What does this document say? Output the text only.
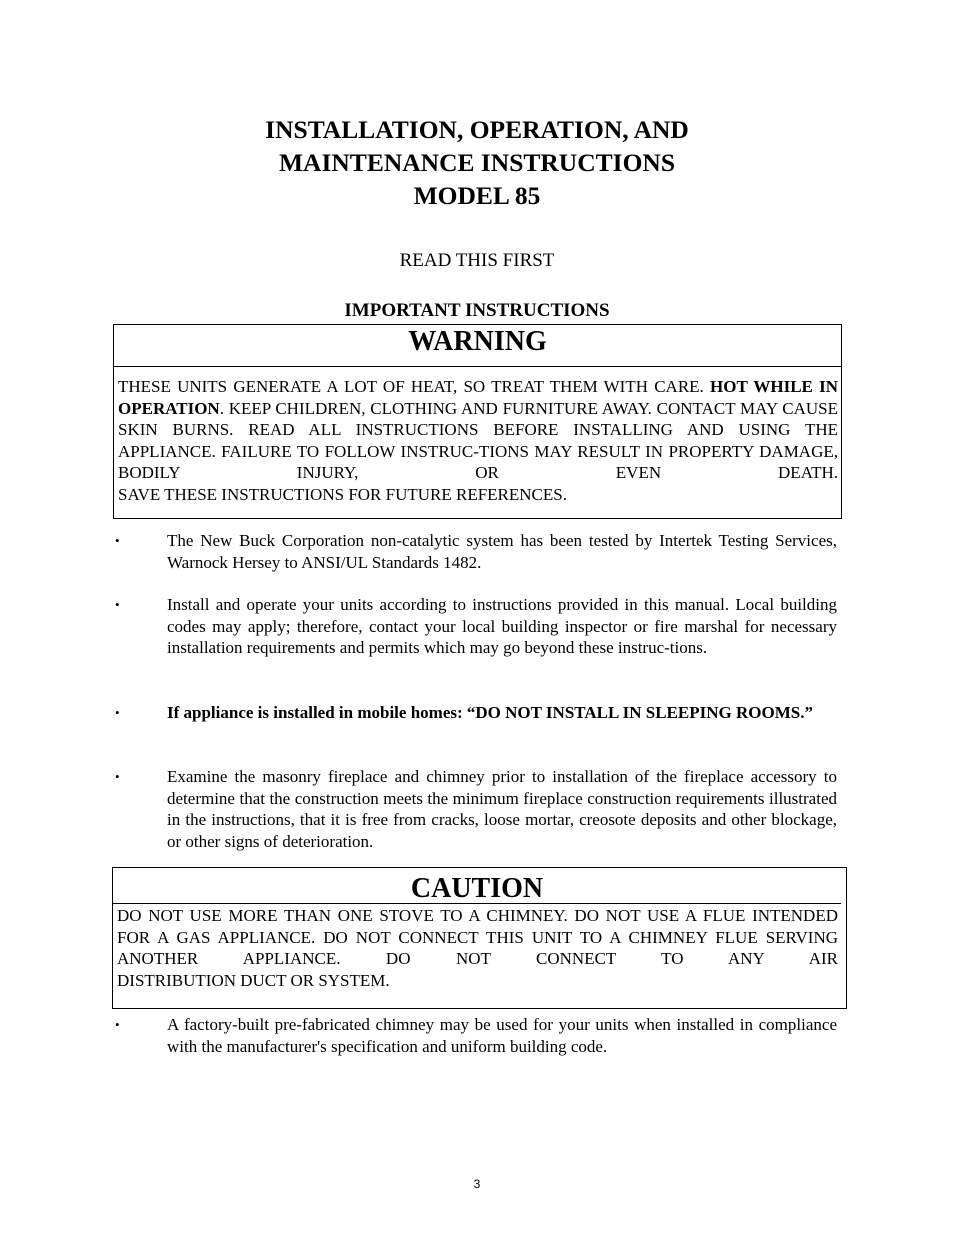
INSTALLATION, OPERATION, AND
MAINTENANCE INSTRUCTIONS
MODEL 85
READ THIS FIRST
IMPORTANT INSTRUCTIONS
WARNING
THESE UNITS GENERATE A LOT OF HEAT, SO TREAT THEM WITH CARE. HOT WHILE IN OPERATION. KEEP CHILDREN, CLOTHING AND FURNITURE AWAY. CONTACT MAY CAUSE SKIN BURNS. READ ALL INSTRUCTIONS BEFORE INSTALLING AND USING THE APPLIANCE. FAILURE TO FOLLOW INSTRUC-TIONS MAY RESULT IN PROPERTY DAMAGE, BODILY INJURY, OR EVEN DEATH.
SAVE THESE INSTRUCTIONS FOR FUTURE REFERENCES.
•	The New Buck Corporation non-catalytic system has been tested by Intertek Testing Services, Warnock Hersey to ANSI/UL Standards 1482.
•	Install and operate your units according to instructions provided in this manual. Local building codes may apply; therefore, contact your local building inspector or fire marshal for necessary installation requirements and permits which may go beyond these instruc-tions.
•	If appliance is installed in mobile homes: “DO NOT INSTALL IN SLEEPING ROOMS.”
•	Examine the masonry fireplace and chimney prior to installation of the fireplace accessory to determine that the construction meets the minimum fireplace construction requirements illustrated in the instructions, that it is free from cracks, loose mortar, creosote deposits and other blockage, or other signs of deterioration.
CAUTION
DO NOT USE MORE THAN ONE STOVE TO A CHIMNEY. DO NOT USE A FLUE INTENDED FOR A GAS APPLIANCE. DO NOT CONNECT THIS UNIT TO A CHIMNEY FLUE SERVING ANOTHER APPLIANCE. DO NOT CONNECT TO ANY AIR
DISTRIBUTION DUCT OR SYSTEM.
•	A factory-built pre-fabricated chimney may be used for your units when installed in compliance with the manufacturer's specification and uniform building code.
3
